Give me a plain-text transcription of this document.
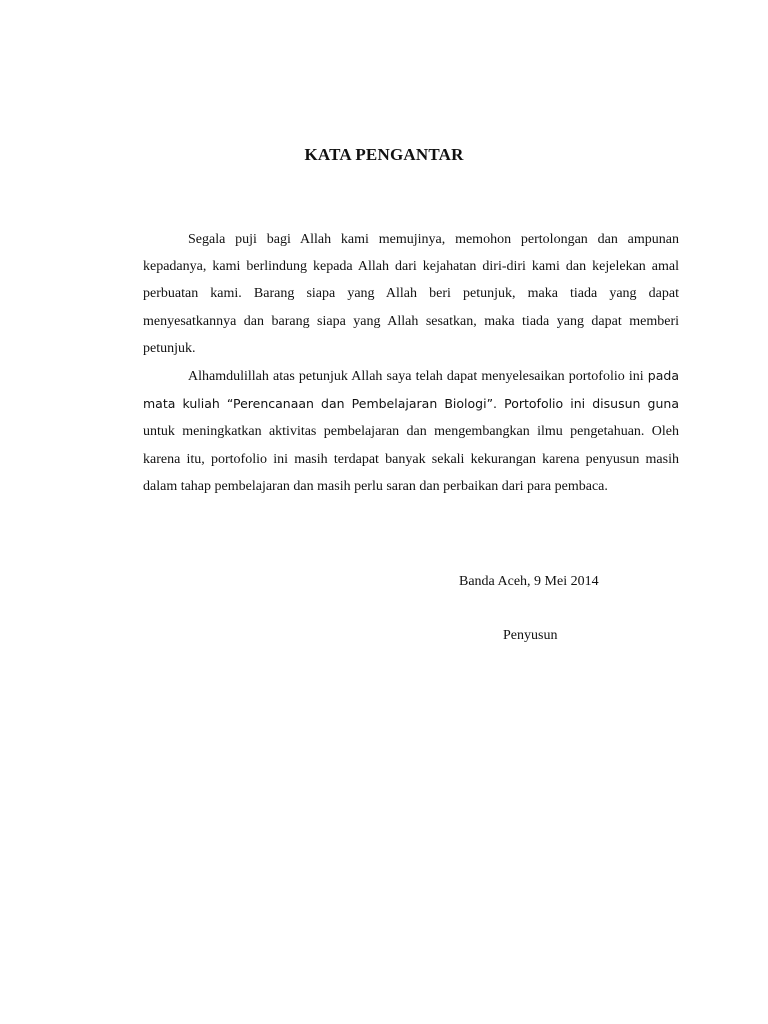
KATA PENGANTAR

Segala puji bagi Allah kami memujinya, memohon pertolongan dan ampunan kepadanya, kami berlindung kepada Allah dari kejahatan diri-diri kami dan kejelekan amal perbuatan kami. Barang siapa yang Allah beri petunjuk, maka tiada yang dapat menyesatkannya dan barang siapa yang Allah sesatkan, maka tiada yang dapat memberi petunjuk.

Alhamdulillah atas petunjuk Allah saya telah dapat menyelesaikan portofolio ini pada mata kuliah “Perencanaan dan Pembelajaran Biologi”. Portofolio ini disusun guna untuk meningkatkan aktivitas pembelajaran dan mengembangkan ilmu pengetahuan. Oleh karena itu, portofolio ini masih terdapat banyak sekali kekurangan karena penyusun masih dalam tahap pembelajaran dan masih perlu saran dan perbaikan dari para pembaca.

Banda Aceh, 9 Mei 2014
Penyusun
